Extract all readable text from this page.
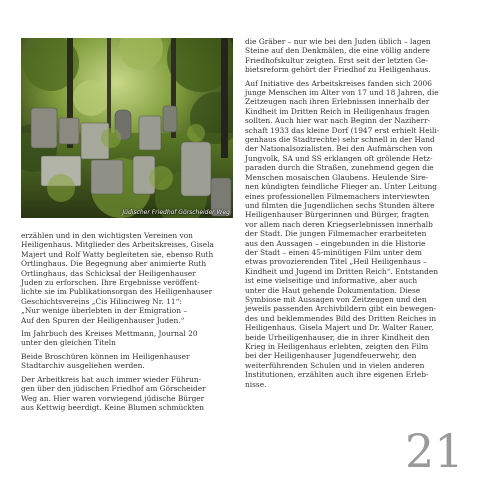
Jüdischer Friedhof Görscheider Weg

erzählen und in den wichtigsten Vereinen von
Heiligenhaus. Mitglieder des Arbeitskreises, Gisela
Majert und Rolf Watty begleiteten sie, ebenso Ruth
Ortlinghaus. Die Begegnung aber animierte Ruth
Ortlinghaus, das Schicksal der Heiligenhauser
Juden zu erforschen. Ihre Ergebnisse veröffent-
lichte sie im Publikationsorgan des Heiligenhauser
Geschichtsvereins „Cis Hilinciweg Nr. 11“:
„Nur wenige überlebten in der Emigration –
Auf den Spuren der Heiligenhauser Juden.“

Im Jahrbuch des Kreises Mettmann, Journal 20
unter den gleichen Titeln

Beide Broschüren können im Heiligenhauser
Stadtarchiv ausgeliehen werden.

Der Arbeitkreis hat auch immer wieder Führun-
gen über den jüdischen Friedhof am Görscheider
Weg an. Hier waren vorwiegend jüdische Bürger
aus Kettwig beerdigt. Keine Blumen schmückten

die Gräber – nur wie bei den Juden üblich – lagen
Steine auf den Denkmälen, die eine völlig andere
Friedhofskultur zeigten. Erst seit der letzten Ge-
bietsreform gehört der Friedhof zu Heiligenhaus.

Auf Initiative des Arbeitskreises fanden sich 2006
junge Menschen im Alter von 17 und 18 Jahren, die
Zeitzeugen nach ihren Erlebnissen innerhalb der
Kindheit im Dritten Reich in Heiligenhaus fragen
sollten. Auch hier war nach Beginn der Naziherr-
schaft 1933 das kleine Dorf (1947 erst erhielt Heili-
genhaus die Stadtrechte) sehr schnell in der Hand
der Nationalsozialisten. Bei den Aufmärschen von
Jungvolk, SA und SS erklangen oft grölende Hetz-
paraden durch die Straßen, zunehmend gegen die
Menschen mosaischen Glaubens. Heulende Sire-
nen kündigten feindliche Flieger an. Unter Leitung
eines professionellen Filmemachers interviewten
und filmten die Jugendlichen sechs Stunden ältere
Heiligenhauser Bürgerinnen und Bürger, fragten
vor allem nach deren Kriegserlebnissen innerhalb
der Stadt. Die jungen Filmemacher erarbeiteten
aus den Aussagen – eingebunden in die Historie
der Stadt – einen 45-minütigen Film unter dem
etwas provozierenden Titel „Heil Heiligenhaus –
Kindheit und Jugend im Dritten Reich“. Entstanden
ist eine vielseitige und informative, aber auch
unter die Haut gehende Dokumentation. Diese
Symbiose mit Aussagen von Zeitzeugen und den
jeweils passenden Archivbildern gibt ein bewegen-
des und beklemmendes Bild des Dritten Reiches in
Heiligenhaus. Gisela Majert und Dr. Walter Rauer,
beide Urheiligenhauser, die in ihrer Kindheit den
Krieg in Heiligenhaus erlebten, zeigten den Film
bei der Heiligenhauser Jugendfeuerwehr, den
weiterführenden Schulen und in vielen anderen
Institutionen, erzählten auch ihre eigenen Erleb-
nisse.

21
